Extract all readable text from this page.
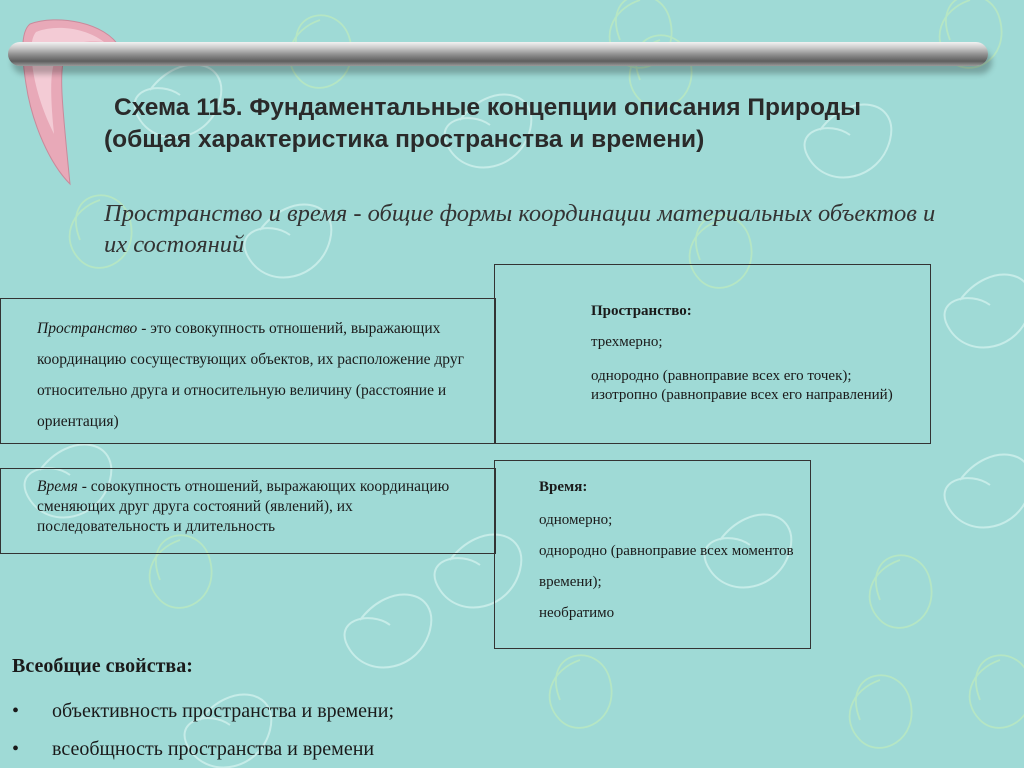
Схема 115. Фундаментальные концепции описания Природы (общая характеристика пространства и времени)
Пространство и время - общие формы координации материальных объектов и их состояний

Пространство - это совокупность отношений, выражающих координацию сосуществующих объектов, их расположение друг относительно друга и относительную величину (расстояние и ориентация)

Пространство:

трехмерно;

однородно (равноправие всех его точек);

изотропно (равноправие всех его направлений)

Время - совокупность отношений, выражающих координацию сменяющих друг друга состояний (явлений), их последовательность и длительность

Время:

одномерно;

однородно (равноправие всех моментов времени);

необратимо

Всеобщие свойства:
• объективность пространства и времени;
• всеобщность пространства и времени
